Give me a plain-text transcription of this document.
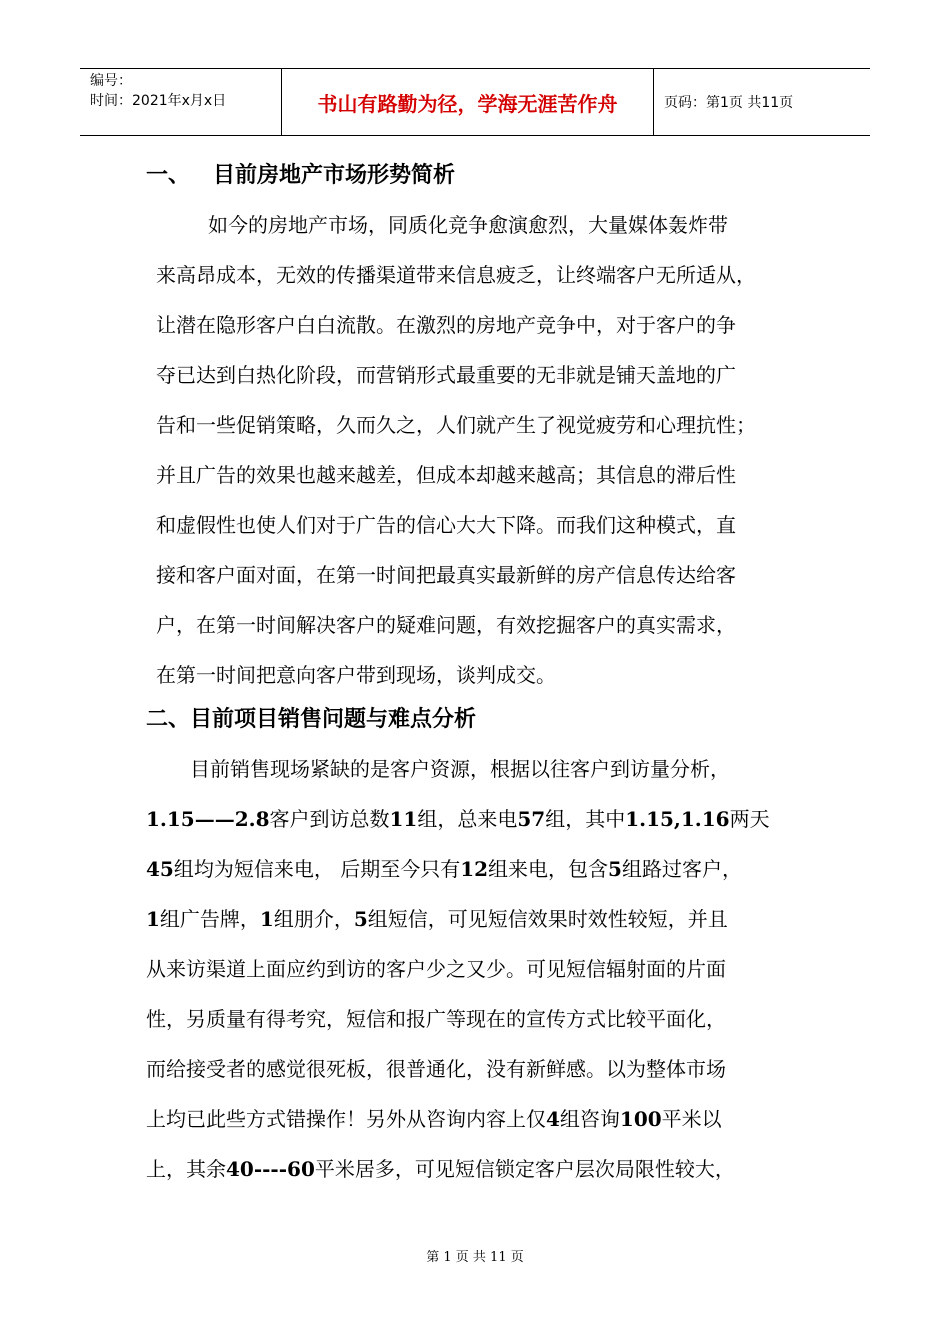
编号：
时间：2021年x月x日	书山有路勤为径，学海无涯苦作舟	页码：第1页 共11页
一、 目前房地产市场形势简析

如今的房地产市场，同质化竞争愈演愈烈，大量媒体轰炸带
来高昂成本，无效的传播渠道带来信息疲乏，让终端客户无所适从，
让潜在隐形客户白白流散。在激烈的房地产竞争中，对于客户的争
夺已达到白热化阶段，而营销形式最重要的无非就是铺天盖地的广
告和一些促销策略，久而久之，人们就产生了视觉疲劳和心理抗性；
并且广告的效果也越来越差，但成本却越来越高；其信息的滞后性
和虚假性也使人们对于广告的信心大大下降。而我们这种模式，直
接和客户面对面，在第一时间把最真实最新鲜的房产信息传达给客
户，在第一时间解决客户的疑难问题，有效挖掘客户的真实需求，
在第一时间把意向客户带到现场，谈判成交。

二、目前项目销售问题与难点分析

目前销售现场紧缺的是客户资源，根据以往客户到访量分析，
1.15——2.8客户到访总数11组，总来电57组，其中1.15,1.16两天
45组均为短信来电， 后期至今只有12组来电，包含5组路过客户，
1组广告牌，1组朋介，5组短信，可见短信效果时效性较短，并且
从来访渠道上面应约到访的客户少之又少。可见短信辐射面的片面
性，另质量有得考究，短信和报广等现在的宣传方式比较平面化，
而给接受者的感觉很死板，很普通化，没有新鲜感。以为整体市场
上均已此些方式错操作！另外从咨询内容上仅4组咨询100平米以
上，其余40----60平米居多，可见短信锁定客户层次局限性较大，

第 1 页 共 11 页
